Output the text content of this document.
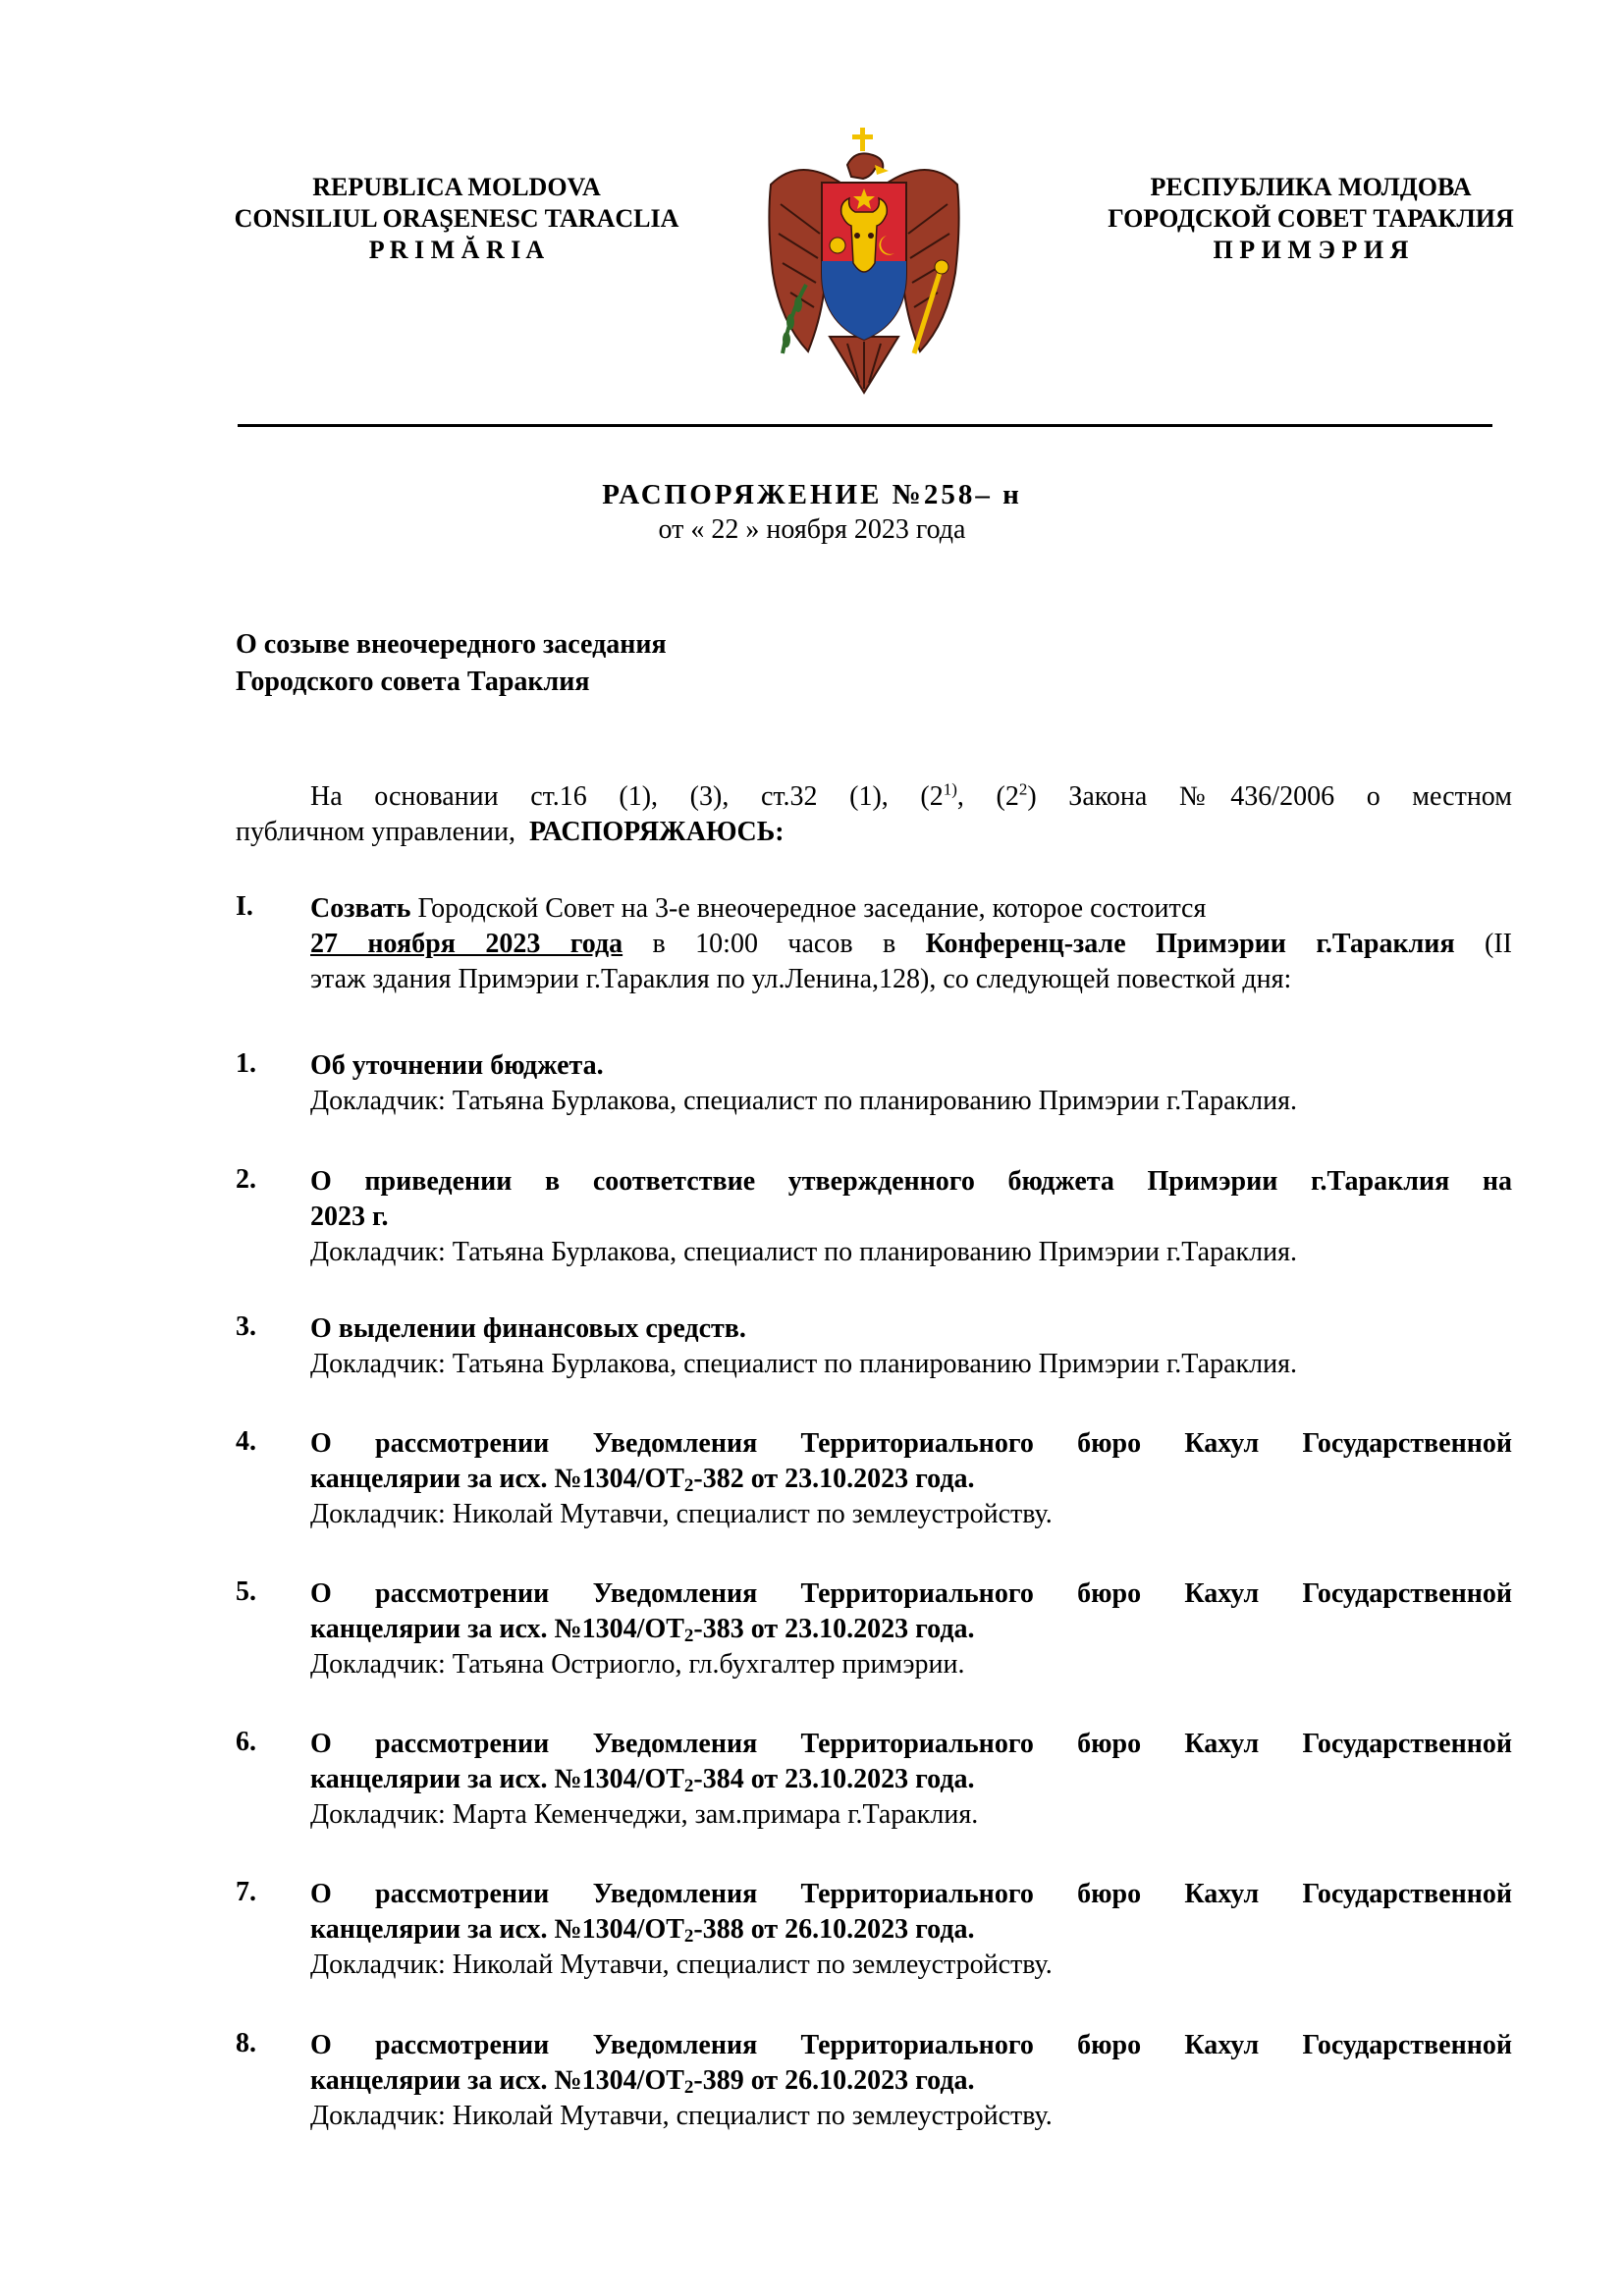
REPUBLICA MOLDOVA
CONSILIUL ORAŞENESC TARACLIA
P R I M Ă R I A
РЕСПУБЛИКА МОЛДОВА
ГОРОДСКОЙ СОВЕТ ТАРАКЛИЯ
П Р И М Э Р И Я
РАСПОРЯЖЕНИЕ №258– н
от « 22 » ноября 2023 года
О созыве внеочередного заседания
Городского совета Тараклия
На основании ст.16 (1), (3), ст.32 (1), (2$^{1)}$, $(2^2)$ Закона №436/2006 о местном
публичном управлении, РАСПОРЯЖАЮСЬ:
I. Созвать Городской Совет на 3-е внеочередное заседание, которое состоится
27 ноября 2023 года в 10:00 часов в Конференц-зале Примэрии г.Тараклия (II
этаж здания Примэрии г.Тараклия по ул.Ленина,128), со следующей повесткой дня:
1. Об уточнении бюджета.
Докладчик: Татьяна Бурлакова, специалист по планированию Примэрии г.Тараклия.
2. О приведении в соответствие утвержденного бюджета Примэрии г.Тараклия на
2023 г.
Докладчик: Татьяна Бурлакова, специалист по планированию Примэрии г.Тараклия.
3. О выделении финансовых средств.
Докладчик: Татьяна Бурлакова, специалист по планированию Примэрии г.Тараклия.
4. О рассмотрении Уведомления Территориального бюро Кахул Государственной
канцелярии за исх. $№1304/ОТ_2-382$ от 23.10.2023 года.
Докладчик: Николай Мутавчи, специалист по землеустройству.
5. О рассмотрении Уведомления Территориального бюро Кахул Государственной
канцелярии за исх. $№1304/ОТ_2-383$ от 23.10.2023 года.
Докладчик: Татьяна Остриогло, гл.бухгалтер примэрии.
6. О рассмотрении Уведомления Территориального бюро Кахул Государственной
канцелярии за исх. $№1304/ОТ_2-384$ от 23.10.2023 года.
Докладчик: Марта Кеменчеджи, зам.примара г.Тараклия.
7. О рассмотрении Уведомления Территориального бюро Кахул Государственной
канцелярии за исх. $№1304/ОТ_2-388$ от 26.10.2023 года.
Докладчик: Николай Мутавчи, специалист по землеустройству.
8. О рассмотрении Уведомления Территориального бюро Кахул Государственной
канцелярии за исх. $№1304/ОТ_2-389$ от 26.10.2023 года.
Докладчик: Николай Мутавчи, специалист по землеустройству.
